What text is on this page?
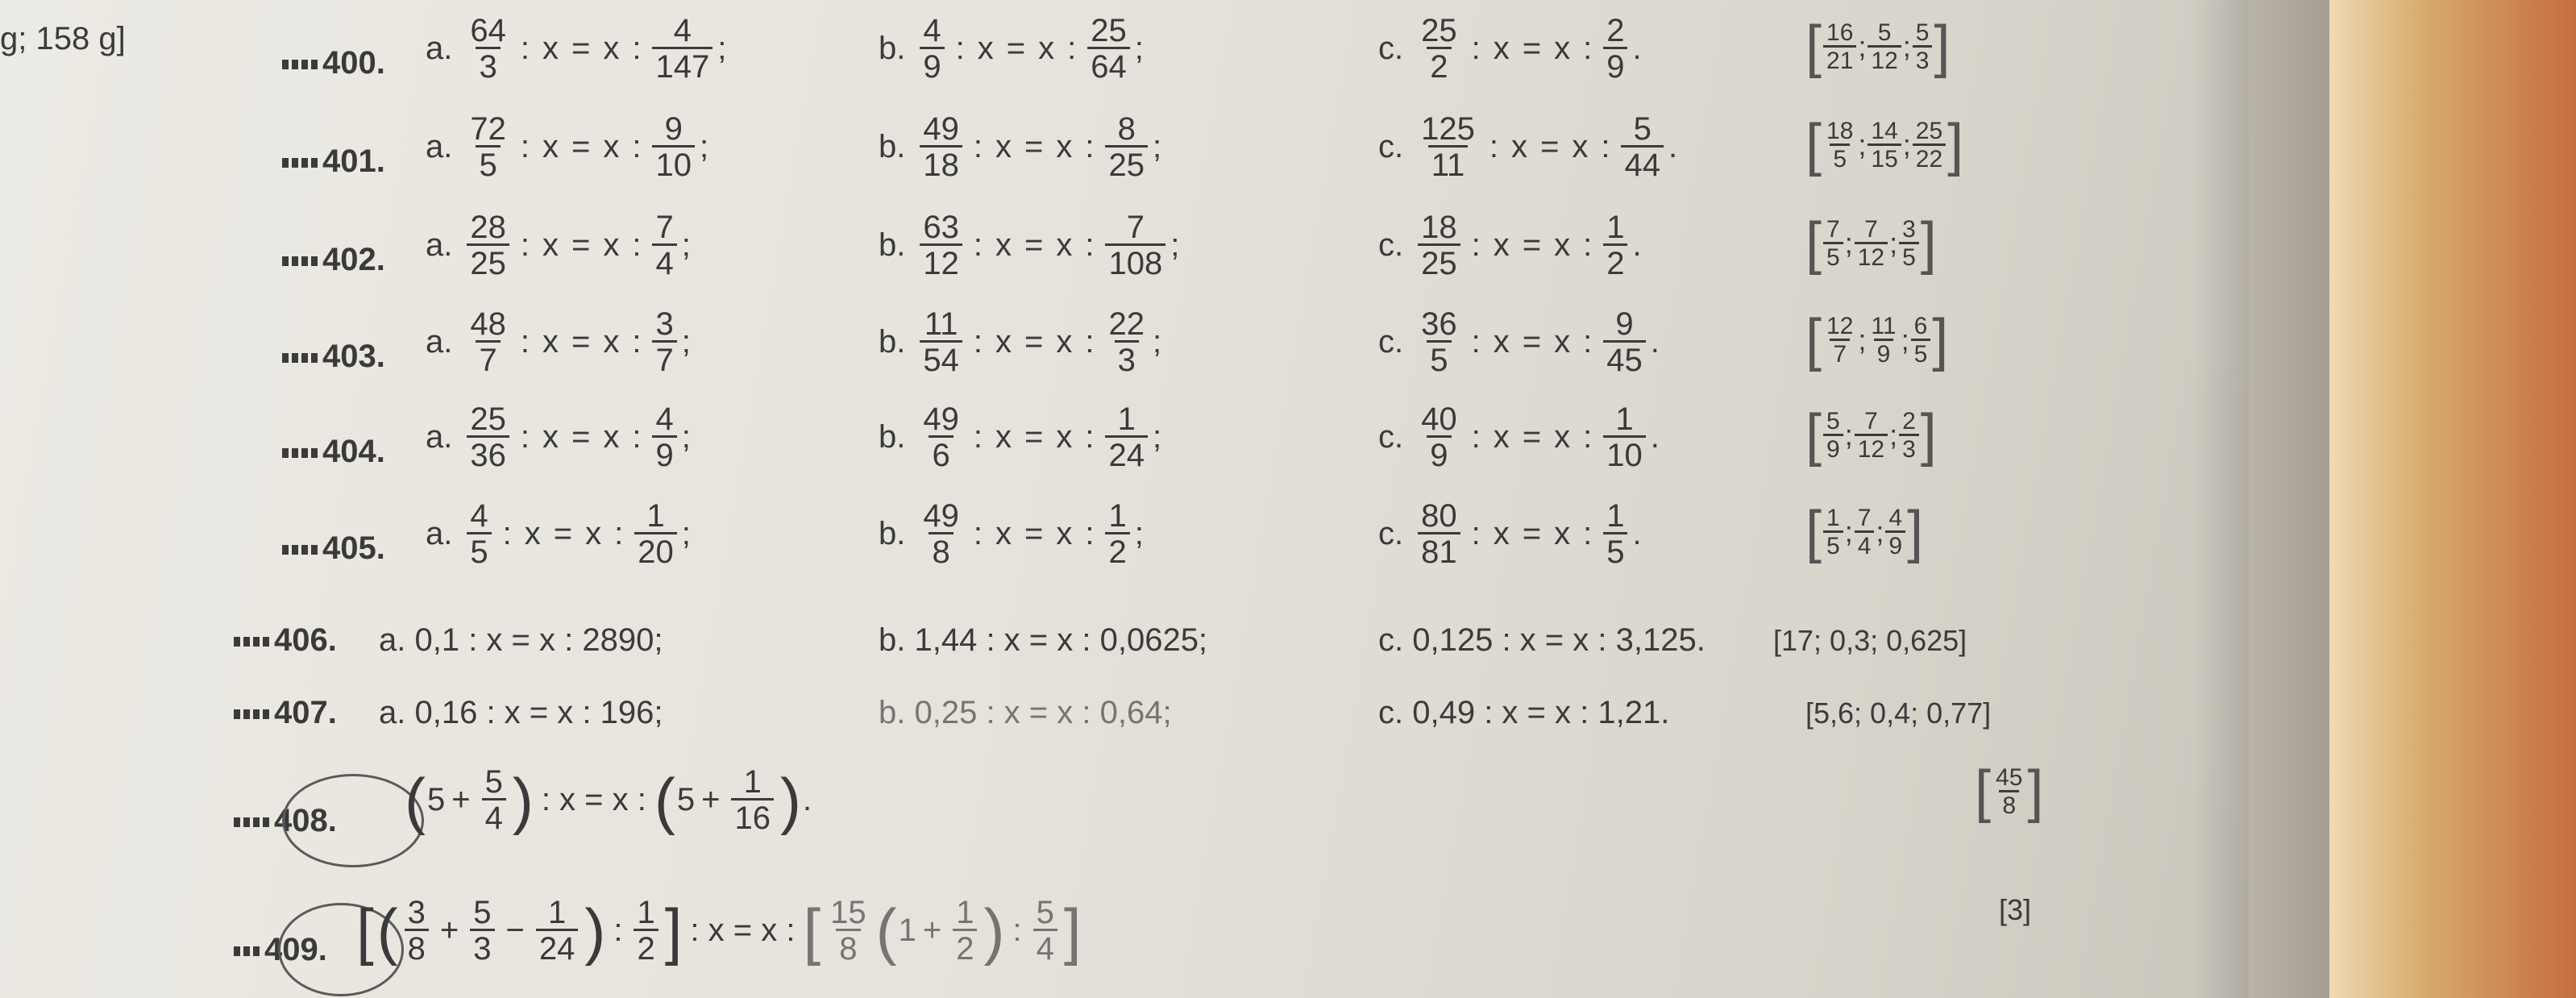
g; 158 g]
400. a. $\frac{64}{3}$ : x = x : $\frac{4}{147}$ ;	b. $\frac{4}{9}$ : x = x : $\frac{25}{64}$ ;	c. $\frac{25}{2}$ : x = x : $\frac{2}{9}$ .	[ $\frac{16}{21}$ ; $\frac{5}{12}$ ; $\frac{5}{3}$ ]
401. a. $\frac{72}{5}$ : x = x : $\frac{9}{10}$ ;	b. $\frac{49}{18}$ : x = x : $\frac{8}{25}$ ;	c. $\frac{125}{11}$ : x = x : $\frac{5}{44}$ . [ $\frac{18}{5}$ ; $\frac{14}{15}$ ; $\frac{25}{22}$ ]
402. a. $\frac{28}{25}$ : x = x : $\frac{7}{4}$ ;	b. $\frac{63}{12}$ : x = x : $\frac{7}{108}$ ;	c. $\frac{18}{25}$ : x = x : $\frac{1}{2}$ .	[ $\frac{7}{5}$ ; $\frac{7}{12}$ ; $\frac{3}{5}$ ]
403. a. $\frac{48}{7}$ : x = x : $\frac{3}{7}$ ;	b. $\frac{11}{54}$ : x = x : $\frac{22}{3}$ ;	c. $\frac{36}{5}$ : x = x : $\frac{9}{45}$ .	[ $\frac{12}{7}$ ; $\frac{11}{9}$ ; $\frac{6}{5}$ ]
404. a. $\frac{25}{36}$ : x = x : $\frac{4}{9}$ ;	b. $\frac{49}{6}$ : x = x : $\frac{1}{24}$ ;	c. $\frac{40}{9}$ : x = x : $\frac{1}{10}$ .	[ $\frac{5}{9}$ ; $\frac{7}{12}$ ; $\frac{2}{3}$ ]
405. a. $\frac{4}{5}$ : x = x : $\frac{1}{20}$ ;	b. $\frac{49}{8}$ : x = x : $\frac{1}{2}$ ;	c. $\frac{80}{81}$ : x = x : $\frac{1}{5}$ .	[ $\frac{1}{5}$ ; $\frac{7}{4}$ ; $\frac{4}{9}$ ]
406. a. 0,1 : x = x : 2890;	b. 1,44 : x = x : 0,0625;	c. 0,125 : x = x : 3,125. [17; 0,3; 0,625]
407. a. 0,16 : x = x : 196;	b. 0,25 : x = x : 0,64;	c. 0,49 : x = x : 1,21.	[5,6; 0,4; 0,77]
408. ( $5 + \frac{5}{4}$ ) : x = x : ( $5 + \frac{1}{16}$ ) .	[ $\frac{45}{8}$ ]
409. [ ( $\frac{3}{8} + \frac{5}{3} - \frac{1}{24}$ ) : $\frac{1}{2}$ ] : x = x : [ $\frac{15}{8}$ ( $1 + \frac{1}{2}$ ) : $\frac{5}{4}$ ]	[3]
